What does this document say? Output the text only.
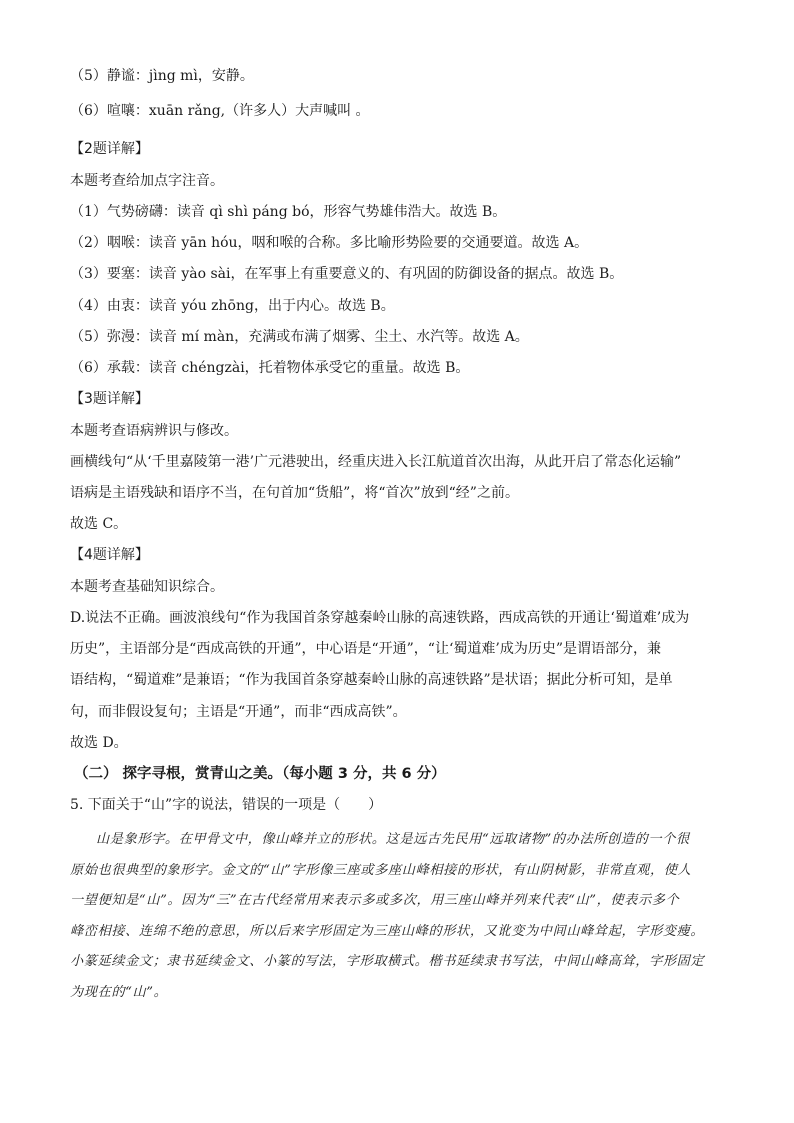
（5）静谧：jìng mì，安静。
（6）喧嚷：xuān rǎng,（许多人）大声喊叫 。
【2题详解】
本题考查给加点字注音。
（1）气势磅礴：读音 qì shì páng bó，形容气势雄伟浩大。故选 B。
（2）咽喉：读音 yān hóu，咽和喉的合称。多比喻形势险要的交通要道。故选 A。
（3）要塞：读音 yào sài，在军事上有重要意义的、有巩固的防御设备的据点。故选 B。
（4）由衷：读音 yóu zhōng，出于内心。故选 B。
（5）弥漫：读音 mí màn，充满或布满了烟雾、尘土、水汽等。故选 A。
（6）承载：读音 chéngzài，托着物体承受它的重量。故选 B。
【3题详解】
本题考查语病辨识与修改。
画横线句“从‘千里嘉陵第一港’广元港驶出，经重庆进入长江航道首次出海，从此开启了常态化运输”
语病是主语残缺和语序不当，在句首加“货船”，将“首次”放到“经”之前。
故选 C。
【4题详解】
本题考查基础知识综合。
D.说法不正确。画波浪线句“作为我国首条穿越秦岭山脉的高速铁路，西成高铁的开通让‘蜀道难’成为
历史”，主语部分是“西成高铁的开通”，中心语是“开通”，“让‘蜀道难’成为历史”是谓语部分，兼
语结构，“蜀道难”是兼语；“作为我国首条穿越秦岭山脉的高速铁路”是状语；据此分析可知，是单
句，而非假设复句；主语是“开通”，而非“西成高铁”。
故选 D。
（二） 探字寻根，赏青山之美。（每小题 3 分，共 6 分）
5. 下面关于“山”字的说法，错误的一项是（　　）
山是象形字。在甲骨文中，像山峰并立的形状。这是远古先民用“远取诸物”的办法所创造的一个很
原始也很典型的象形字。金文的“山”字形像三座或多座山峰相接的形状，有山阴树影，非常直观，使人
一望便知是“山”。因为“三”在古代经常用来表示多或多次，用三座山峰并列来代表“山”，使表示多个
峰峦相接、连绵不绝的意思，所以后来字形固定为三座山峰的形状，又讹变为中间山峰耸起，字形变瘦。
小篆延续金文；隶书延续金文、小篆的写法，字形取横式。楷书延续隶书写法，中间山峰高耸，字形固定
为现在的“山”。
